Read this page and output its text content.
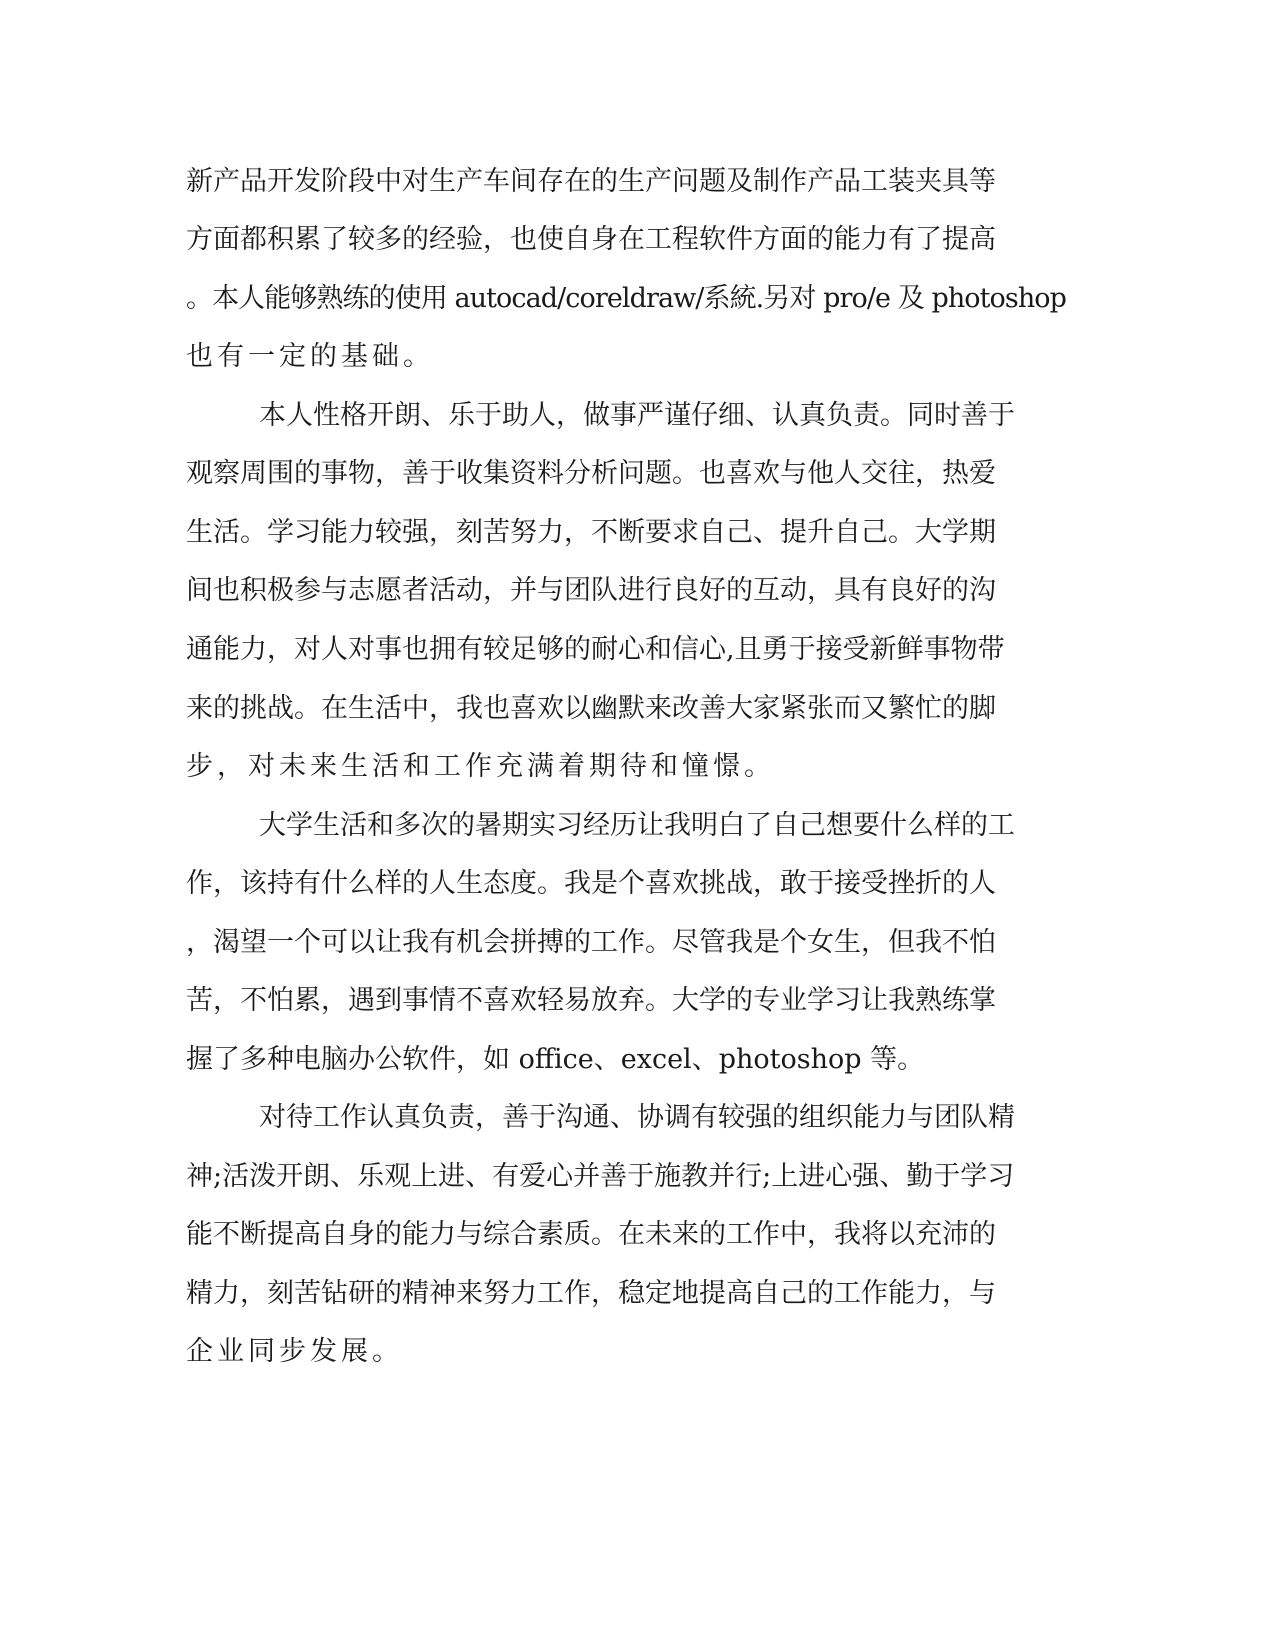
新产品开发阶段中对生产车间存在的生产问题及制作产品工装夹具等
方面都积累了较多的经验，也使自身在工程软件方面的能力有了提高
。本人能够熟练的使用 autocad/coreldraw/系統.另对 pro/e 及 photoshop
也有一定的基础。
本人性格开朗、乐于助人，做事严谨仔细、认真负责。同时善于
观察周围的事物，善于收集资料分析问题。也喜欢与他人交往，热爱
生活。学习能力较强，刻苦努力，不断要求自己、提升自己。大学期
间也积极参与志愿者活动，并与团队进行良好的互动，具有良好的沟
通能力，对人对事也拥有较足够的耐心和信心,且勇于接受新鲜事物带
来的挑战。在生活中，我也喜欢以幽默来改善大家紧张而又繁忙的脚
步，对未来生活和工作充满着期待和憧憬。
大学生活和多次的暑期实习经历让我明白了自己想要什么样的工
作，该持有什么样的人生态度。我是个喜欢挑战，敢于接受挫折的人
，渴望一个可以让我有机会拼搏的工作。尽管我是个女生，但我不怕
苦，不怕累，遇到事情不喜欢轻易放弃。大学的专业学习让我熟练掌
握了多种电脑办公软件，如 office、excel、photoshop 等。
对待工作认真负责，善于沟通、协调有较强的组织能力与团队精
神;活泼开朗、乐观上进、有爱心并善于施教并行;上进心强、勤于学习
能不断提高自身的能力与综合素质。在未来的工作中，我将以充沛的
精力，刻苦钻研的精神来努力工作，稳定地提高自己的工作能力，与
企业同步发展。
